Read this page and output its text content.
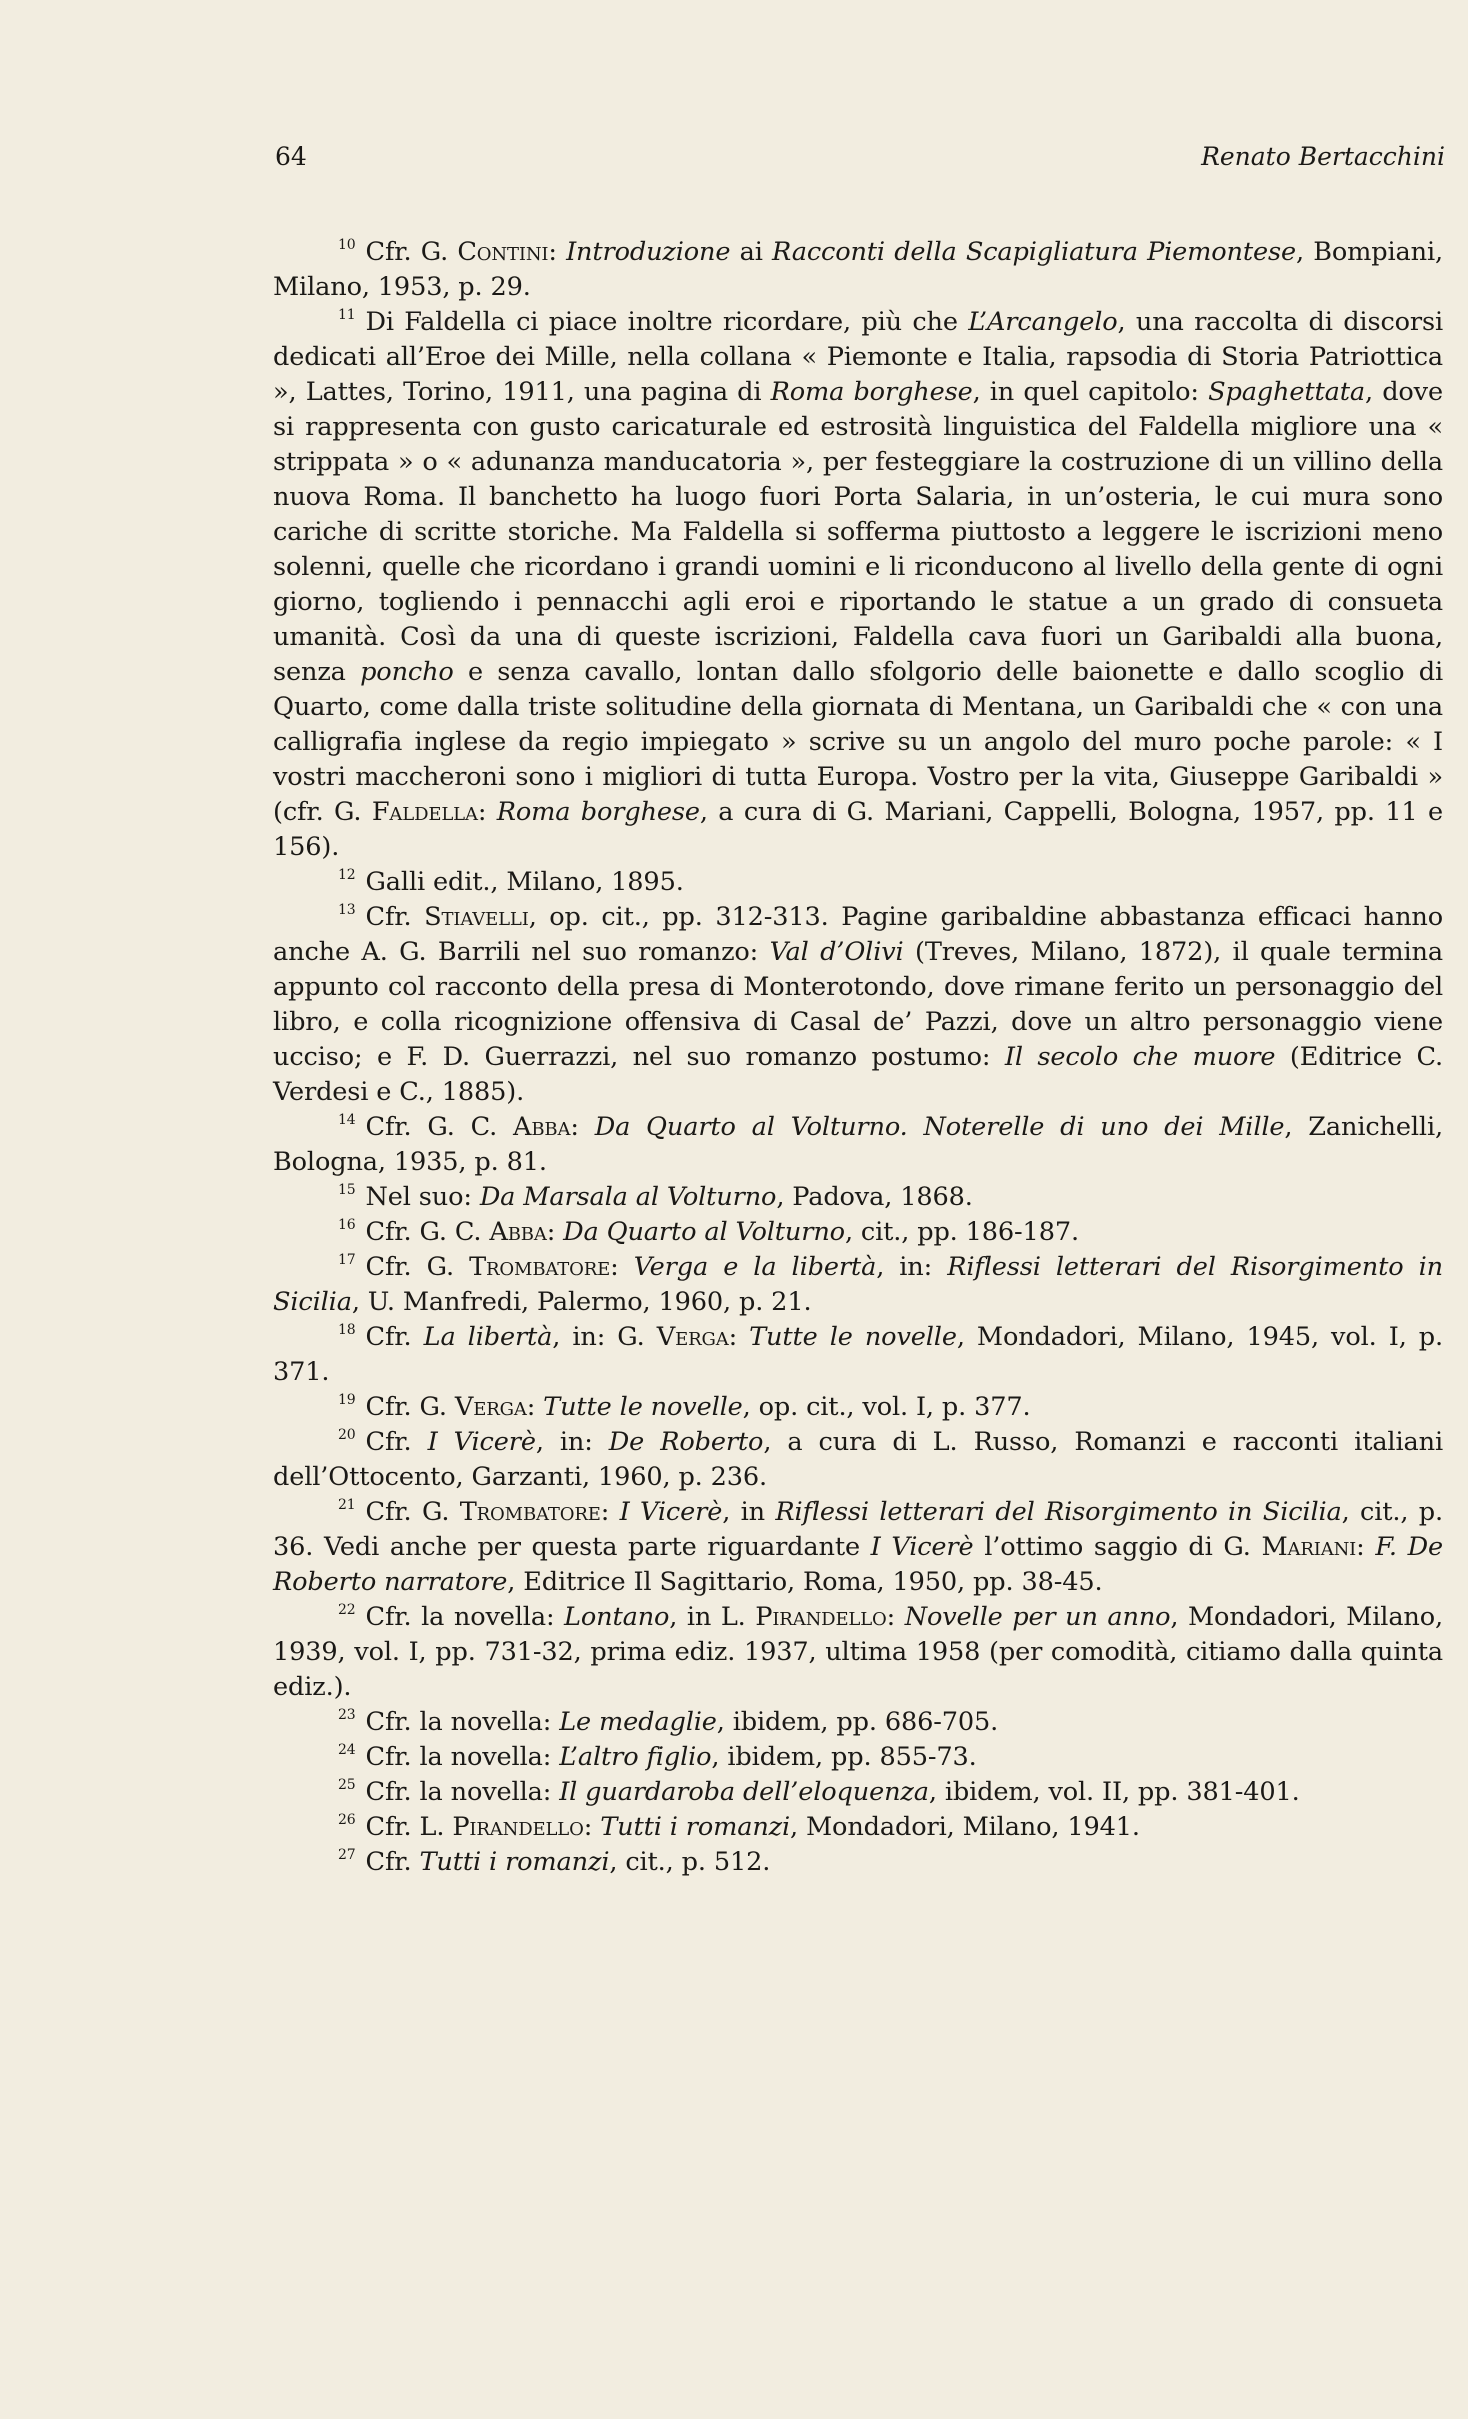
64	Renato Bertacchini

$^{10}$ Cfr. G. Contini: Introduzione ai Racconti della Scapigliatura Piemontese, Bompiani, Milano, 1953, p. 29.

$^{11}$ Di Faldella ci piace inoltre ricordare, più che L’Arcangelo, una raccolta di discorsi dedicati all’Eroe dei Mille, nella collana « Piemonte e Italia, rapsodia di Storia Patriottica », Lattes, Torino, 1911, una pagina di Roma borghese, in quel capitolo: Spaghettata, dove si rappresenta con gusto caricaturale ed estrosità linguistica del Faldella migliore una « strippata » o « adunanza manducatoria », per festeggiare la costruzione di un villino della nuova Roma. Il banchetto ha luogo fuori Porta Salaria, in un’osteria, le cui mura sono cariche di scritte storiche. Ma Faldella si sofferma piuttosto a leggere le iscrizioni meno solenni, quelle che ricordano i grandi uomini e li riconducono al livello della gente di ogni giorno, togliendo i pennacchi agli eroi e riportando le statue a un grado di consueta umanità. Così da una di queste iscrizioni, Faldella cava fuori un Garibaldi alla buona, senza poncho e senza cavallo, lontan dallo sfolgorio delle baionette e dallo scoglio di Quarto, come dalla triste solitudine della giornata di Mentana, un Garibaldi che « con una calligrafia inglese da regio impiegato » scrive su un angolo del muro poche parole: « I vostri maccheroni sono i migliori di tutta Europa. Vostro per la vita, Giuseppe Garibaldi » (cfr. G. Faldella: Roma borghese, a cura di G. Mariani, Cappelli, Bologna, 1957, pp. 11 e 156).

$^{12}$ Galli edit., Milano, 1895.

$^{13}$ Cfr. Stiavelli, op. cit., pp. 312-313. Pagine garibaldine abbastanza efficaci hanno anche A. G. Barrili nel suo romanzo: Val d’Olivi (Treves, Milano, 1872), il quale termina appunto col racconto della presa di Monterotondo, dove rimane ferito un personaggio del libro, e colla ricognizione offensiva di Casal de’ Pazzi, dove un altro personaggio viene ucciso; e F. D. Guerrazzi, nel suo romanzo postumo: Il secolo che muore (Editrice C. Verdesi e C., 1885).

$^{14}$ Cfr. G. C. Abba: Da Quarto al Volturno. Noterelle di uno dei Mille, Zanichelli, Bologna, 1935, p. 81.

$^{15}$ Nel suo: Da Marsala al Volturno, Padova, 1868.

$^{16}$ Cfr. G. C. Abba: Da Quarto al Volturno, cit., pp. 186-187.

$^{17}$ Cfr. G. Trombatore: Verga e la libertà, in: Riflessi letterari del Risorgimento in Sicilia, U. Manfredi, Palermo, 1960, p. 21.

$^{18}$ Cfr. La libertà, in: G. Verga: Tutte le novelle, Mondadori, Milano, 1945, vol. I, p. 371.

$^{19}$ Cfr. G. Verga: Tutte le novelle, op. cit., vol. I, p. 377.

$^{20}$ Cfr. I Vicerè, in: De Roberto, a cura di L. Russo, Romanzi e racconti italiani dell’Ottocento, Garzanti, 1960, p. 236.

$^{21}$ Cfr. G. Trombatore: I Vicerè, in Riflessi letterari del Risorgimento in Sicilia, cit., p. 36. Vedi anche per questa parte riguardante I Vicerè l’ottimo saggio di G. Mariani: F. De Roberto narratore, Editrice Il Sagittario, Roma, 1950, pp. 38-45.

$^{22}$ Cfr. la novella: Lontano, in L. Pirandello: Novelle per un anno, Mondadori, Milano, 1939, vol. I, pp. 731-32, prima ediz. 1937, ultima 1958 (per comodità, citiamo dalla quinta ediz.).

$^{23}$ Cfr. la novella: Le medaglie, ibidem, pp. 686-705.

$^{24}$ Cfr. la novella: L’altro figlio, ibidem, pp. 855-73.

$^{25}$ Cfr. la novella: Il guardaroba dell’eloquenza, ibidem, vol. II, pp. 381-401.

$^{26}$ Cfr. L. Pirandello: Tutti i romanzi, Mondadori, Milano, 1941.

$^{27}$ Cfr. Tutti i romanzi, cit., p. 512.
